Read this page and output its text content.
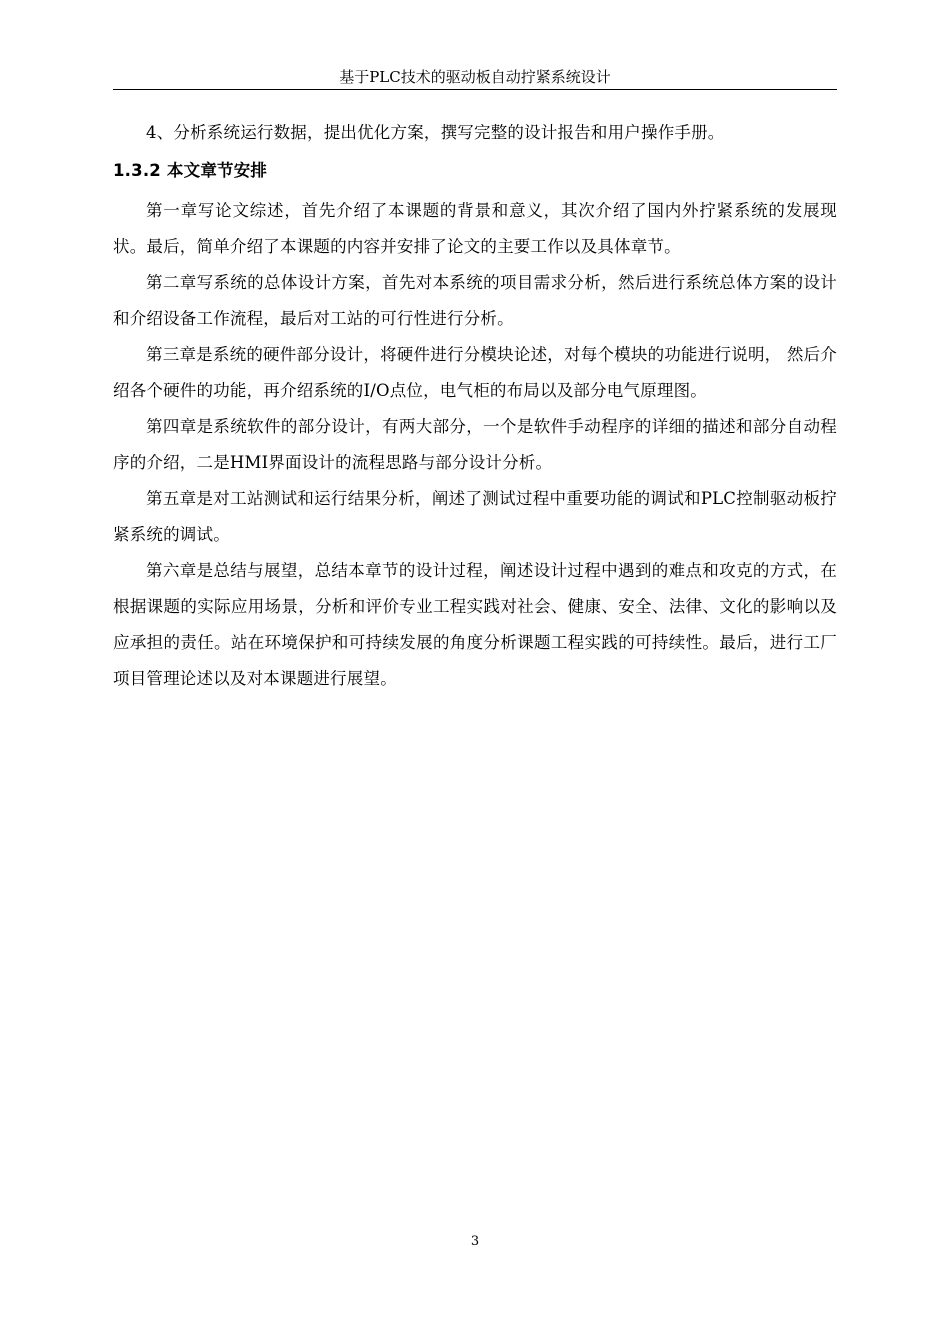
基于PLC技术的驱动板自动拧紧系统设计

4、分析系统运行数据，提出优化方案，撰写完整的设计报告和用户操作手册。

1.3.2 本文章节安排

第一章写论文综述，首先介绍了本课题的背景和意义，其次介绍了国内外拧紧系统的发展现状。最后，简单介绍了本课题的内容并安排了论文的主要工作以及具体章节。

第二章写系统的总体设计方案，首先对本系统的项目需求分析，然后进行系统总体方案的设计和介绍设备工作流程，最后对工站的可行性进行分析。

第三章是系统的硬件部分设计，将硬件进行分模块论述，对每个模块的功能进行说明， 然后介绍各个硬件的功能，再介绍系统的I/O点位，电气柜的布局以及部分电气原理图。

第四章是系统软件的部分设计，有两大部分，一个是软件手动程序的详细的描述和部分自动程序的介绍，二是HMI界面设计的流程思路与部分设计分析。

第五章是对工站测试和运行结果分析，阐述了测试过程中重要功能的调试和PLC控制驱动板拧紧系统的调试。

第六章是总结与展望，总结本章节的设计过程，阐述设计过程中遇到的难点和攻克的方式，在根据课题的实际应用场景，分析和评价专业工程实践对社会、健康、安全、法律、文化的影响以及应承担的责任。站在环境保护和可持续发展的角度分析课题工程实践的可持续性。最后，进行工厂项目管理论述以及对本课题进行展望。

3
